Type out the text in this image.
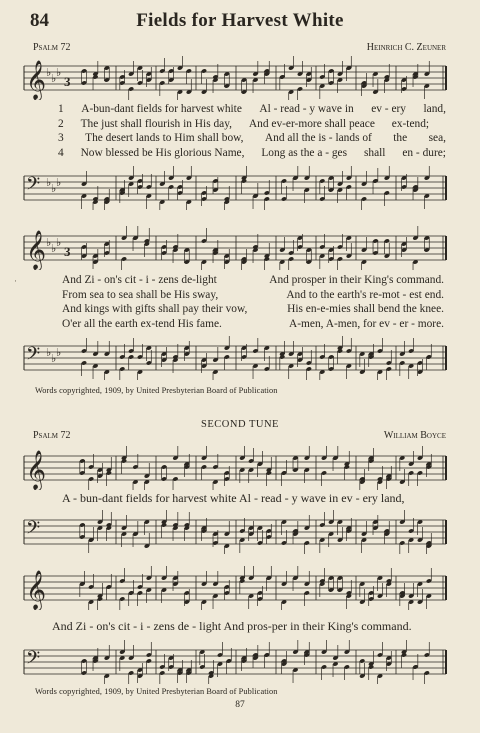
84	Fields for Harvest White
Psalm 72	Heinrich C. Zeuner
𝄞 ♭ ♭ ♭
3
𝄢 ♭ ♭ ♭
𝄞 ♭ ♭ ♭
3
𝄢 ♭ ♭ ♭
1 A-bun-dant fields for harvest white Al - read - y wave in ev - ery land,
2 The just shall flourish in His day, And ev-er-more shall peace ex-tend;
3 The desert lands to Him shall bow, And all the is - lands of the sea,
4 Now blessed be His glorious Name, Long as the a - ges shall en - dure;
·	And Zi - on's cit - i - zens de-light	And prosper in their King's command.
From sea to sea shall be His sway,	And to the earth's re-mot - est end.
And kings with gifts shall pay their vow,	His en-e-mies shall bend the knee.
O'er all the earth ex-tend His fame.	A-men, A-men, for ev - er - more.
Words copyrighted, 1909, by United Presbyterian Board of Publication
SECOND TUNE
Psalm 72	William Boyce
𝄞
A - bun-dant fields for harvest white Al - read - y wave in ev - ery land,
𝄢
𝄞
And Zi - on's cit - i - zens de - light And pros-per in their King's command.
𝄢
Words copyrighted, 1909, by United Presbyterian Board of Publication
87
